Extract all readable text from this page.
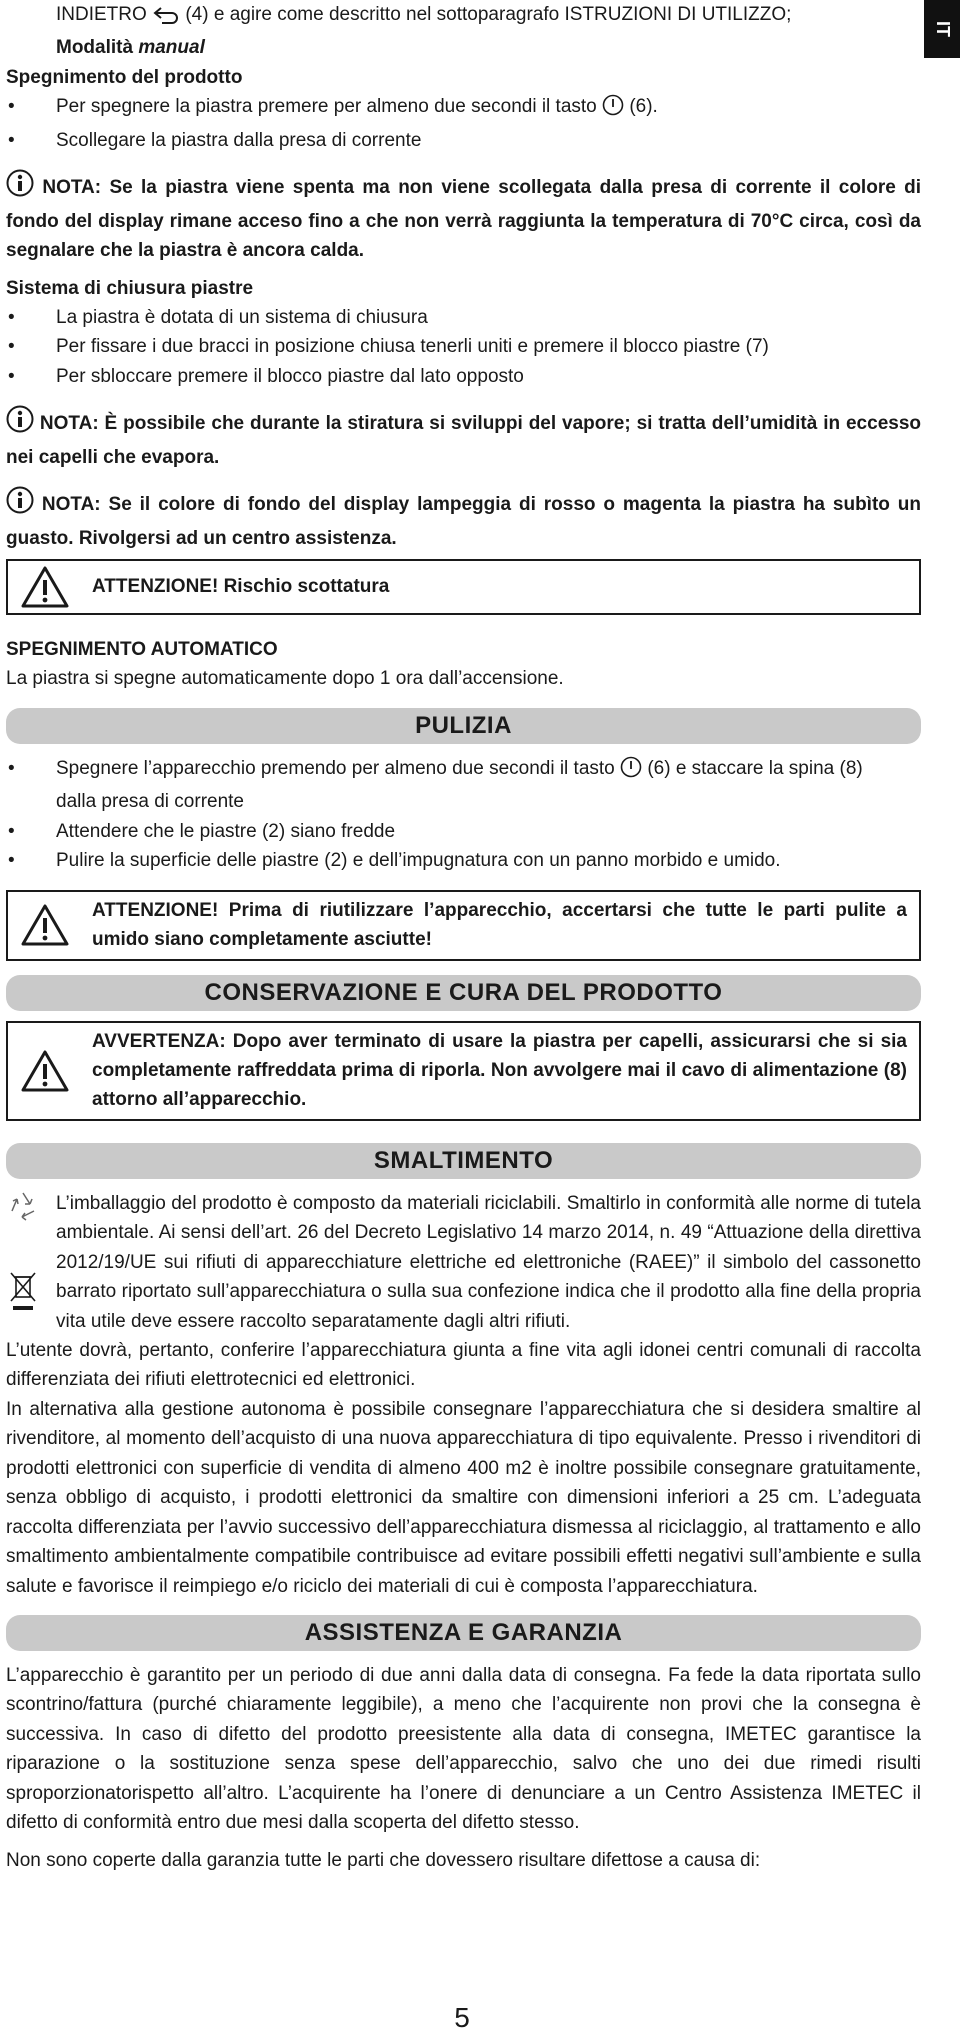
IT
INDIETRO (4) e agire come descritto nel sottoparagrafo ISTRUZIONI DI UTILIZZO;
Modalità manual

Spegnimento del prodotto

• Per spegnere la piastra premere per almeno due secondi il tasto (6).
• Scollegare la piastra dalla presa di corrente

NOTA: Se la piastra viene spenta ma non viene scollegata dalla presa di corrente il colore di fondo del display rimane acceso fino a che non verrà raggiunta la temperatura di 70°C circa, così da segnalare che la piastra è ancora calda.

Sistema di chiusura piastre

• La piastra è dotata di un sistema di chiusura
• Per fissare i due bracci in posizione chiusa tenerli uniti e premere il blocco piastre (7)
• Per sbloccare premere il blocco piastre dal lato opposto

NOTA: È possibile che durante la stiratura si sviluppi del vapore; si tratta dell’umidità in eccesso nei capelli che evapora.

NOTA: Se il colore di fondo del display lampeggia di rosso o magenta la piastra ha subìto un guasto. Rivolgersi ad un centro assistenza.

ATTENZIONE! Rischio scottatura

SPEGNIMENTO AUTOMATICO

La piastra si spegne automaticamente dopo 1 ora dall’accensione.

PULIZIA
• Spegnere l’apparecchio premendo per almeno due secondi il tasto (6) e staccare la spina (8)
dalla presa di corrente
• Attendere che le piastre (2) siano fredde
• Pulire la superficie delle piastre (2) e dell’impugnatura con un panno morbido e umido.
ATTENZIONE! Prima di riutilizzare l’apparecchio, accertarsi che tutte le parti pulite a umido siano completamente asciutte!
CONSERVAZIONE E CURA DEL PRODOTTO
AVVERTENZA: Dopo aver terminato di usare la piastra per capelli, assicurarsi che si sia completamente raffreddata prima di riporla. Non avvolgere mai il cavo di alimentazione (8) attorno all’apparecchio.
SMALTIMENTO

L’imballaggio del prodotto è composto da materiali riciclabili. Smaltirlo in conformità alle norme di tutela ambientale. Ai sensi dell’art. 26 del Decreto Legislativo 14 marzo 2014, n. 49 “Attuazione della direttiva 2012/19/UE sui rifiuti di apparecchiature elettriche ed elettroniche (RAEE)” il simbolo del cassonetto barrato riportato sull’apparecchiatura o sulla sua confezione indica che il prodotto alla fine della propria vita utile deve essere raccolto separatamente dagli altri rifiuti.

L’utente dovrà, pertanto, conferire l’apparecchiatura giunta a fine vita agli idonei centri comunali di raccolta differenziata dei rifiuti elettrotecnici ed elettronici.

In alternativa alla gestione autonoma è possibile consegnare l’apparecchiatura che si desidera smaltire al rivenditore, al momento dell’acquisto di una nuova apparecchiatura di tipo equivalente. Presso i rivenditori di prodotti elettronici con superficie di vendita di almeno 400 m2 è inoltre possibile consegnare gratuitamente, senza obbligo di acquisto, i prodotti elettronici da smaltire con dimensioni inferiori a 25 cm. L’adeguata raccolta differenziata per l’avvio successivo dell’apparecchiatura dismessa al riciclaggio, al trattamento e allo smaltimento ambientalmente compatibile contribuisce ad evitare possibili effetti negativi sull’ambiente e sulla salute e favorisce il reimpiego e/o riciclo dei materiali di cui è composta l’apparecchiatura.

ASSISTENZA E GARANZIA

L’apparecchio è garantito per un periodo di due anni dalla data di consegna. Fa fede la data riportata sullo scontrino/fattura (purché chiaramente leggibile), a meno che l’acquirente non provi che la consegna è successiva. In caso di difetto del prodotto preesistente alla data di consegna, IMETEC garantisce la riparazione o la sostituzione senza spese dell’apparecchio, salvo che uno dei due rimedi risulti sproporzionatorispetto all’altro. L’acquirente ha l’onere di denunciare a un Centro Assistenza IMETEC il difetto di conformità entro due mesi dalla scoperta del difetto stesso.

Non sono coperte dalla garanzia tutte le parti che dovessero risultare difettose a causa di:

5
